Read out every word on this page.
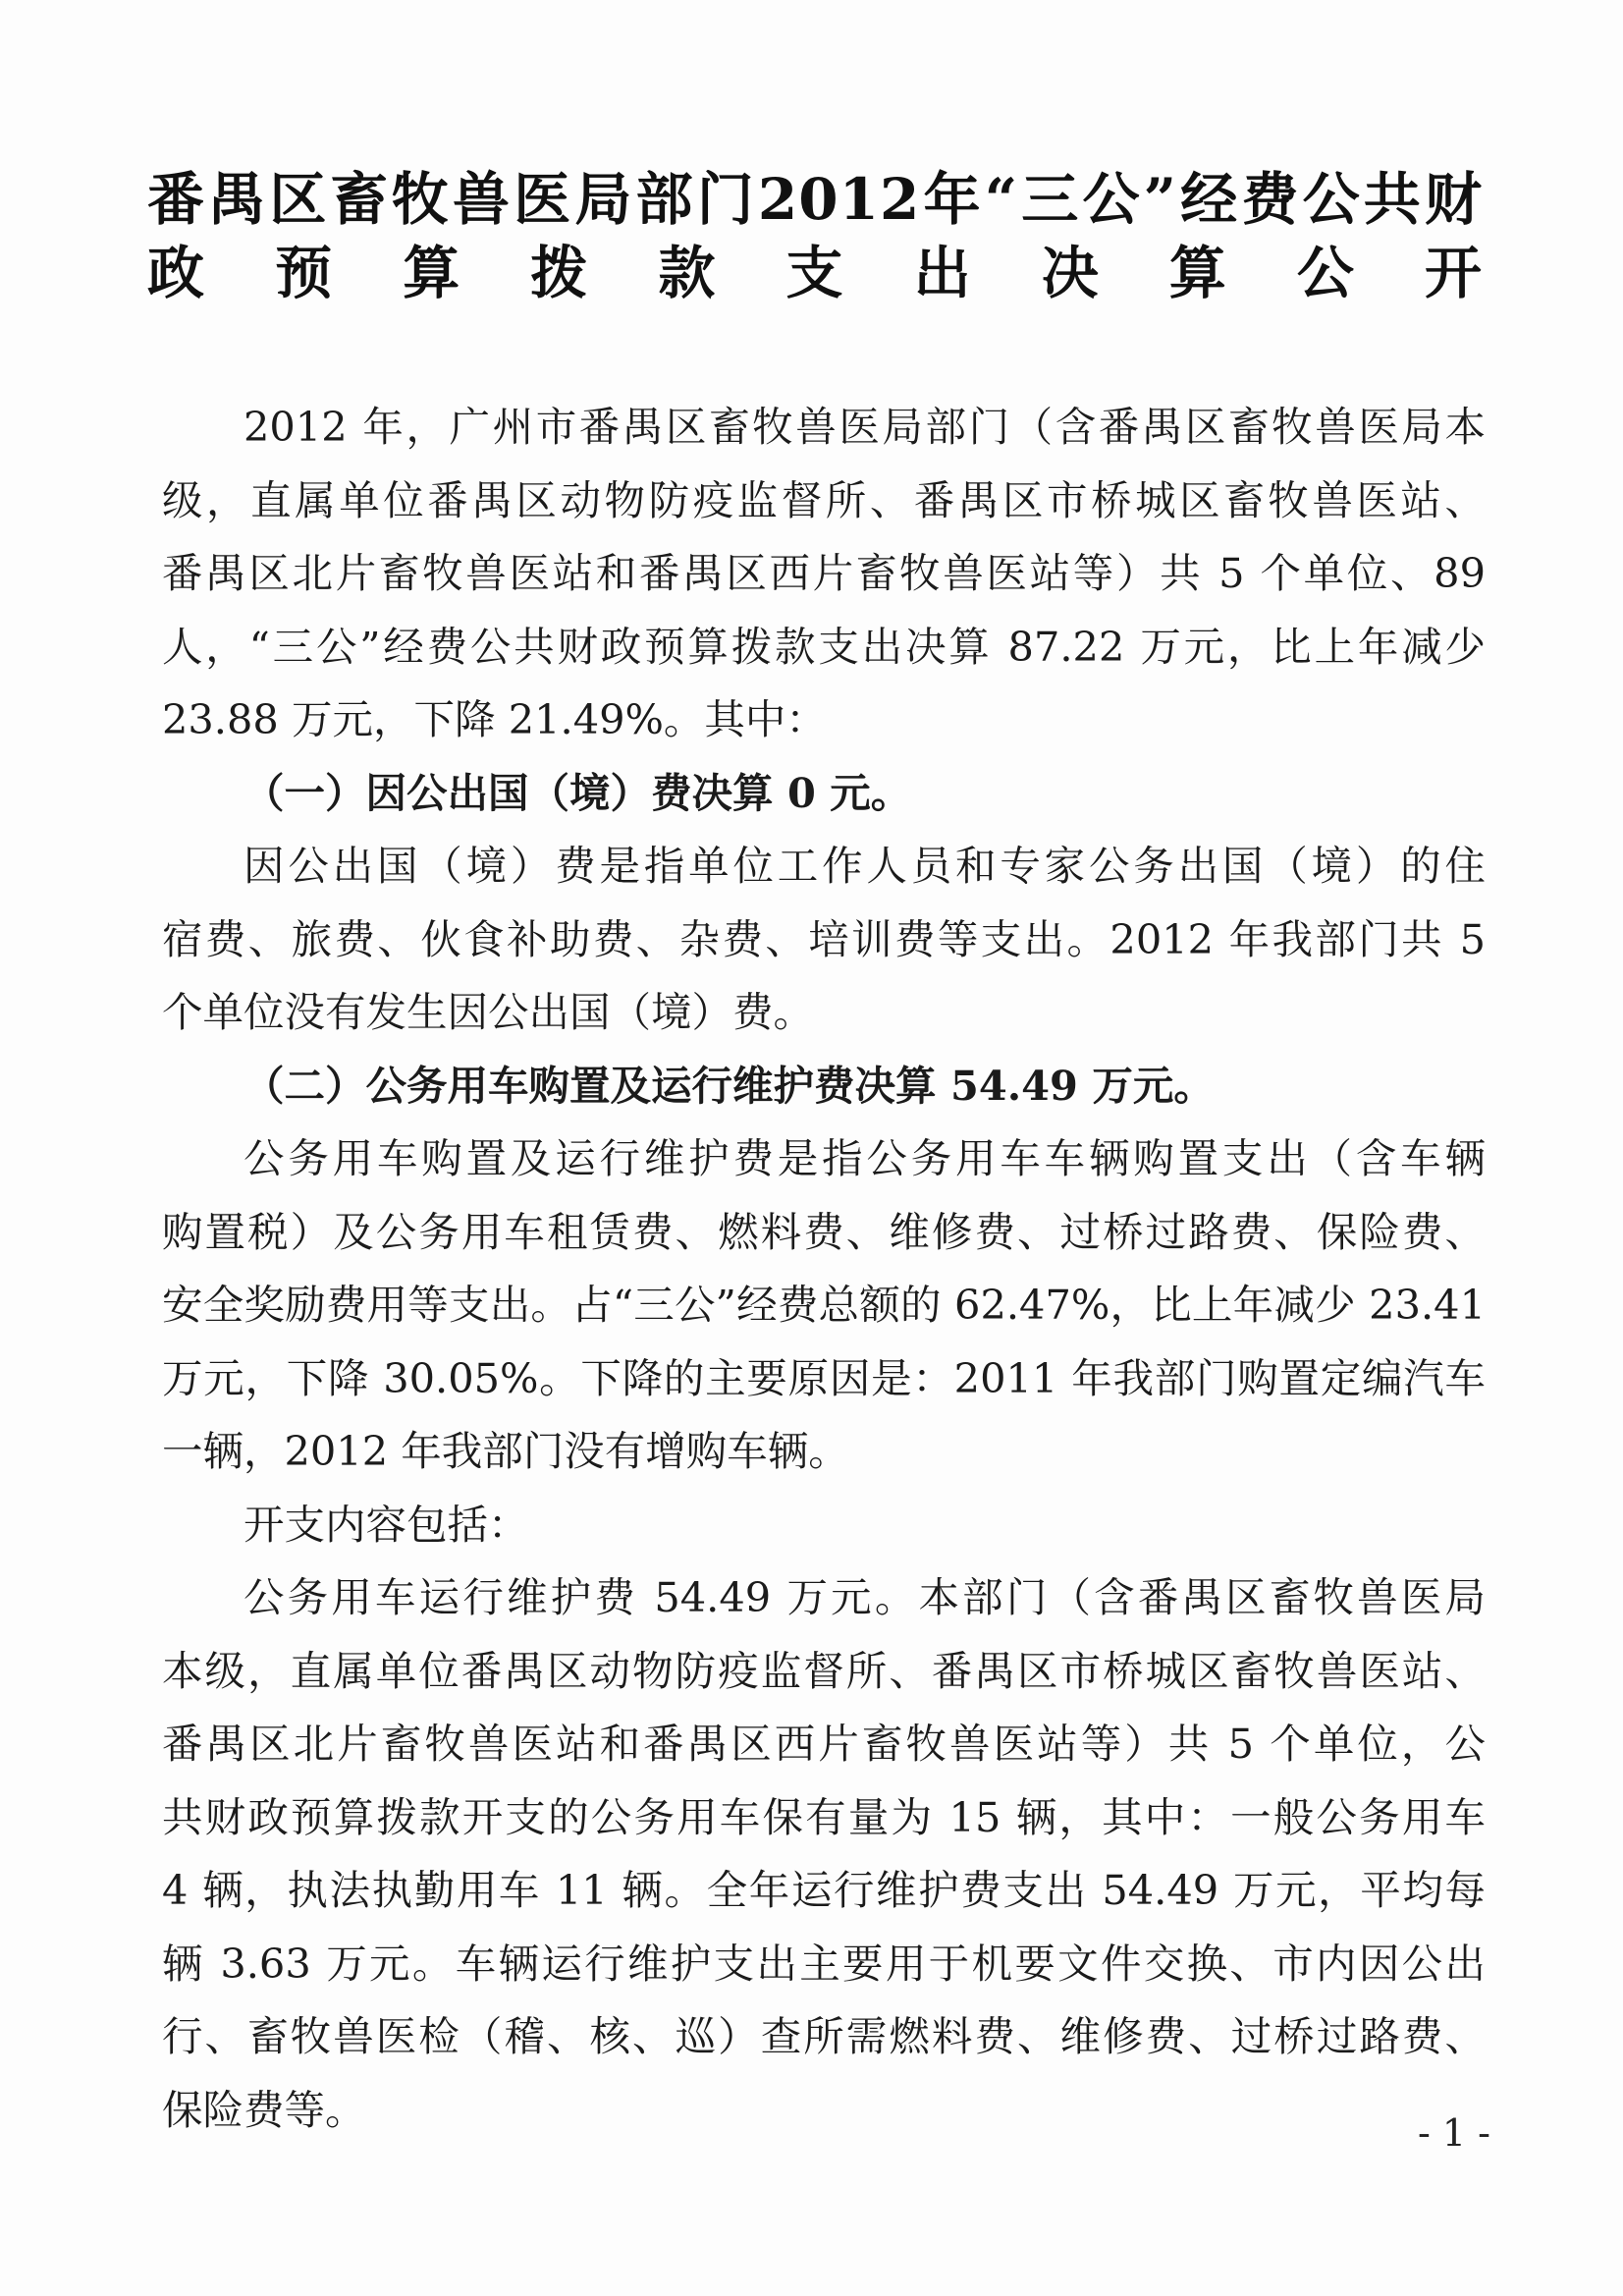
番禺区畜牧兽医局部门2012年“三公”经费公共财
政预算拨款支出决算公开
2012 年，广州市番禺区畜牧兽医局部门（含番禺区畜牧兽医局本
级，直属单位番禺区动物防疫监督所、番禺区市桥城区畜牧兽医站、
番禺区北片畜牧兽医站和番禺区西片畜牧兽医站等）共 5 个单位、89
人，“三公”经费公共财政预算拨款支出决算 87.22 万元，比上年减少
23.88 万元，下降 21.49%。其中：
（一）因公出国（境）费决算 0 元。
因公出国（境）费是指单位工作人员和专家公务出国（境）的住
宿费、旅费、伙食补助费、杂费、培训费等支出。2012 年我部门共 5
个单位没有发生因公出国（境）费。
（二）公务用车购置及运行维护费决算 54.49 万元。
公务用车购置及运行维护费是指公务用车车辆购置支出（含车辆
购置税）及公务用车租赁费、燃料费、维修费、过桥过路费、保险费、
安全奖励费用等支出。占“三公”经费总额的 62.47%，比上年减少 23.41
万元，下降 30.05%。下降的主要原因是：2011 年我部门购置定编汽车
一辆，2012 年我部门没有增购车辆。
开支内容包括：
公务用车运行维护费 54.49 万元。本部门（含番禺区畜牧兽医局
本级，直属单位番禺区动物防疫监督所、番禺区市桥城区畜牧兽医站、
番禺区北片畜牧兽医站和番禺区西片畜牧兽医站等）共 5 个单位，公
共财政预算拨款开支的公务用车保有量为 15 辆，其中：一般公务用车
4 辆，执法执勤用车 11 辆。全年运行维护费支出 54.49 万元，平均每
辆 3.63 万元。车辆运行维护支出主要用于机要文件交换、市内因公出
行、畜牧兽医检（稽、核、巡）查所需燃料费、维修费、过桥过路费、
保险费等。	- 1 -
